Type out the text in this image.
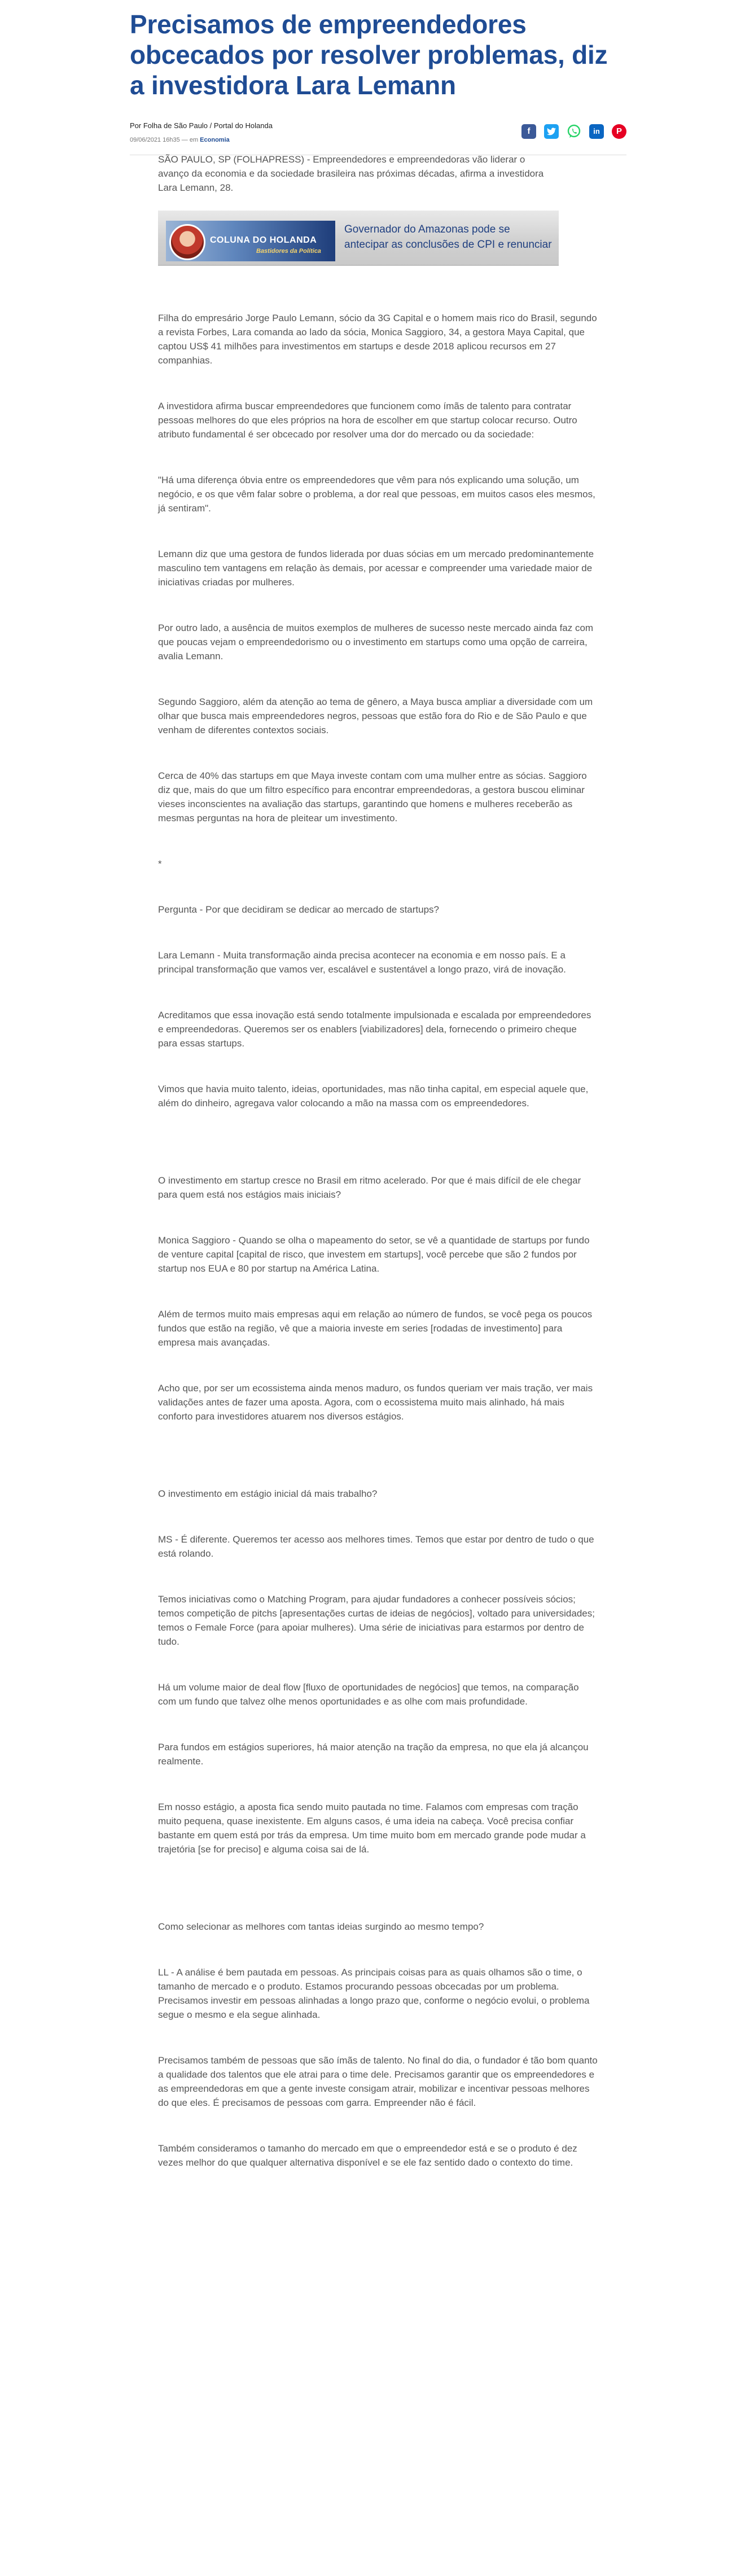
Precisamos de empreendedores obcecados por resolver problemas, diz a investidora Lara Lemann
Por Folha de São Paulo / Portal do Holanda
09/06/2021 16h35 — em Economia
f	in P

SÃO PAULO, SP (FOLHAPRESS) - Empreendedores e empreendedoras vão liderar o avanço da economia e da sociedade brasileira nas próximas décadas, afirma a investidora Lara Lemann, 28.

COLUNA DO HOLANDA
Bastidores da Política
Governador do Amazonas pode se antecipar as conclusões de CPI e renunciar

Filha do empresário Jorge Paulo Lemann, sócio da 3G Capital e o homem mais rico do Brasil, segundo a revista Forbes, Lara comanda ao lado da sócia, Monica Saggioro, 34, a gestora Maya Capital, que captou US$ 41 milhões para investimentos em startups e desde 2018 aplicou recursos em 27 companhias.

A investidora afirma buscar empreendedores que funcionem como ímãs de talento para contratar pessoas melhores do que eles próprios na hora de escolher em que startup colocar recurso. Outro atributo fundamental é ser obcecado por resolver uma dor do mercado ou da sociedade:

"Há uma diferença óbvia entre os empreendedores que vêm para nós explicando uma solução, um negócio, e os que vêm falar sobre o problema, a dor real que pessoas, em muitos casos eles mesmos, já sentiram".

Lemann diz que uma gestora de fundos liderada por duas sócias em um mercado predominantemente masculino tem vantagens em relação às demais, por acessar e compreender uma variedade maior de iniciativas criadas por mulheres.

Por outro lado, a ausência de muitos exemplos de mulheres de sucesso neste mercado ainda faz com que poucas vejam o empreendedorismo ou o investimento em startups como uma opção de carreira, avalia Lemann.

Segundo Saggioro, além da atenção ao tema de gênero, a Maya busca ampliar a diversidade com um olhar que busca mais empreendedores negros, pessoas que estão fora do Rio e de São Paulo e que venham de diferentes contextos sociais.

Cerca de 40% das startups em que Maya investe contam com uma mulher entre as sócias. Saggioro diz que, mais do que um filtro específico para encontrar empreendedoras, a gestora buscou eliminar vieses inconscientes na avaliação das startups, garantindo que homens e mulheres receberão as mesmas perguntas na hora de pleitear um investimento.

*

Pergunta - Por que decidiram se dedicar ao mercado de startups?

Lara Lemann - Muita transformação ainda precisa acontecer na economia e em nosso país. E a principal transformação que vamos ver, escalável e sustentável a longo prazo, virá de inovação.

Acreditamos que essa inovação está sendo totalmente impulsionada e escalada por empreendedores e empreendedoras. Queremos ser os enablers [viabilizadores] dela, fornecendo o primeiro cheque para essas startups.

Vimos que havia muito talento, ideias, oportunidades, mas não tinha capital, em especial aquele que, além do dinheiro, agregava valor colocando a mão na massa com os empreendedores.

O investimento em startup cresce no Brasil em ritmo acelerado. Por que é mais difícil de ele chegar para quem está nos estágios mais iniciais?

Monica Saggioro - Quando se olha o mapeamento do setor, se vê a quantidade de startups por fundo de venture capital [capital de risco, que investem em startups], você percebe que são 2 fundos por startup nos EUA e 80 por startup na América Latina.

Além de termos muito mais empresas aqui em relação ao número de fundos, se você pega os poucos fundos que estão na região, vê que a maioria investe em series [rodadas de investimento] para empresa mais avançadas.

Acho que, por ser um ecossistema ainda menos maduro, os fundos queriam ver mais tração, ver mais validações antes de fazer uma aposta. Agora, com o ecossistema muito mais alinhado, há mais conforto para investidores atuarem nos diversos estágios.

O investimento em estágio inicial dá mais trabalho?

MS - É diferente. Queremos ter acesso aos melhores times. Temos que estar por dentro de tudo o que está rolando.

Temos iniciativas como o Matching Program, para ajudar fundadores a conhecer possíveis sócios; temos competição de pitchs [apresentações curtas de ideias de negócios], voltado para universidades; temos o Female Force (para apoiar mulheres). Uma série de iniciativas para estarmos por dentro de tudo.

Há um volume maior de deal flow [fluxo de oportunidades de negócios] que temos, na comparação com um fundo que talvez olhe menos oportunidades e as olhe com mais profundidade.

Para fundos em estágios superiores, há maior atenção na tração da empresa, no que ela já alcançou realmente.

Em nosso estágio, a aposta fica sendo muito pautada no time. Falamos com empresas com tração muito pequena, quase inexistente. Em alguns casos, é uma ideia na cabeça. Você precisa confiar bastante em quem está por trás da empresa. Um time muito bom em mercado grande pode mudar a trajetória [se for preciso] e alguma coisa sai de lá.

Como selecionar as melhores com tantas ideias surgindo ao mesmo tempo?

LL - A análise é bem pautada em pessoas. As principais coisas para as quais olhamos são o time, o tamanho de mercado e o produto. Estamos procurando pessoas obcecadas por um problema. Precisamos investir em pessoas alinhadas a longo prazo que, conforme o negócio evolui, o problema segue o mesmo e ela segue alinhada.

Precisamos também de pessoas que são ímãs de talento. No final do dia, o fundador é tão bom quanto a qualidade dos talentos que ele atrai para o time dele. Precisamos garantir que os empreendedores e as empreendedoras em que a gente investe consigam atrair, mobilizar e incentivar pessoas melhores do que eles. É precisamos de pessoas com garra. Empreender não é fácil.

Também consideramos o tamanho do mercado em que o empreendedor está e se o produto é dez vezes melhor do que qualquer alternativa disponível e se ele faz sentido dado o contexto do time.
